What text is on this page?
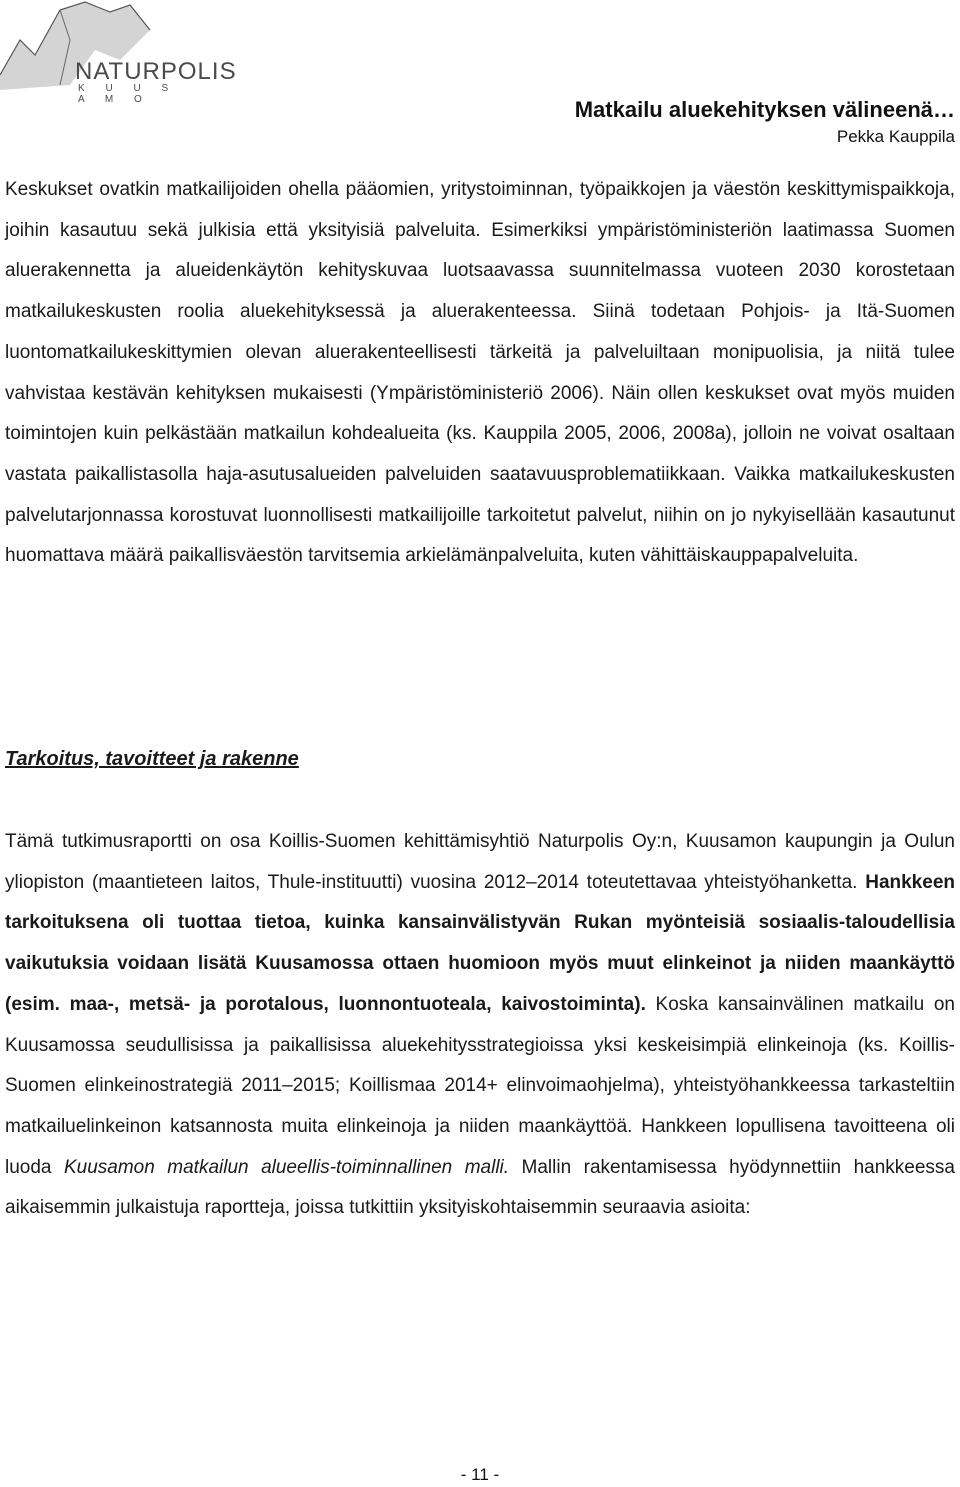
NATURPOLIS
K U U S A M O	Matkailu aluekehityksen välineenä…
Pekka Kauppila
Keskukset ovatkin matkailijoiden ohella pääomien, yritystoiminnan, työpaikkojen ja väestön keskittymispaikkoja, joihin kasautuu sekä julkisia että yksityisiä palveluita. Esimerkiksi ympäristöministeriön laatimassa Suomen aluerakennetta ja alueidenkäytön kehityskuvaa luotsaavassa suunnitelmassa vuoteen 2030 korostetaan matkailukeskusten roolia aluekehityksessä ja aluerakenteessa. Siinä todetaan Pohjois- ja Itä-Suomen luontomatkailukeskittymien olevan aluerakenteellisesti tärkeitä ja palveluiltaan monipuolisia, ja niitä tulee vahvistaa kestävän kehityksen mukaisesti (Ympäristöministeriö 2006). Näin ollen keskukset ovat myös muiden toimintojen kuin pelkästään matkailun kohdealueita (ks. Kauppila 2005, 2006, 2008a), jolloin ne voivat osaltaan vastata paikallistasolla haja-asutusalueiden palveluiden saatavuusproblematiikkaan. Vaikka matkailukeskusten palvelutarjonnassa korostuvat luonnollisesti matkailijoille tarkoitetut palvelut, niihin on jo nykyisellään kasautunut huomattava määrä paikallisväestön tarvitsemia arkielämänpalveluita, kuten vähittäiskauppapalveluita.
Tarkoitus, tavoitteet ja rakenne
Tämä tutkimusraportti on osa Koillis-Suomen kehittämisyhtiö Naturpolis Oy:n, Kuusamon kaupungin ja Oulun yliopiston (maantieteen laitos, Thule-instituutti) vuosina 2012–2014 toteutettavaa yhteistyöhanketta. Hankkeen tarkoituksena oli tuottaa tietoa, kuinka kansainvälistyvän Rukan myönteisiä sosiaalis-taloudellisia vaikutuksia voidaan lisätä Kuusamossa ottaen huomioon myös muut elinkeinot ja niiden maankäyttö (esim. maa-, metsä- ja porotalous, luonnontuoteala, kaivostoiminta). Koska kansainvälinen matkailu on Kuusamossa seudullisissa ja paikallisissa aluekehitysstrategioissa yksi keskeisimpiä elinkeinoja (ks. Koillis-Suomen elinkeinostrategiä 2011–2015; Koillismaa 2014+ elinvoimaohjelma), yhteistyöhankkeessa tarkasteltiin matkailuelinkeinon katsannosta muita elinkeinoja ja niiden maankäyttöä. Hankkeen lopullisena tavoitteena oli luoda Kuusamon matkailun alueellis-toiminnallinen malli. Mallin rakentamisessa hyödynnettiin hankkeessa aikaisemmin julkaistuja raportteja, joissa tutkittiin yksityiskohtaisemmin seuraavia asioita:
- 11 -
